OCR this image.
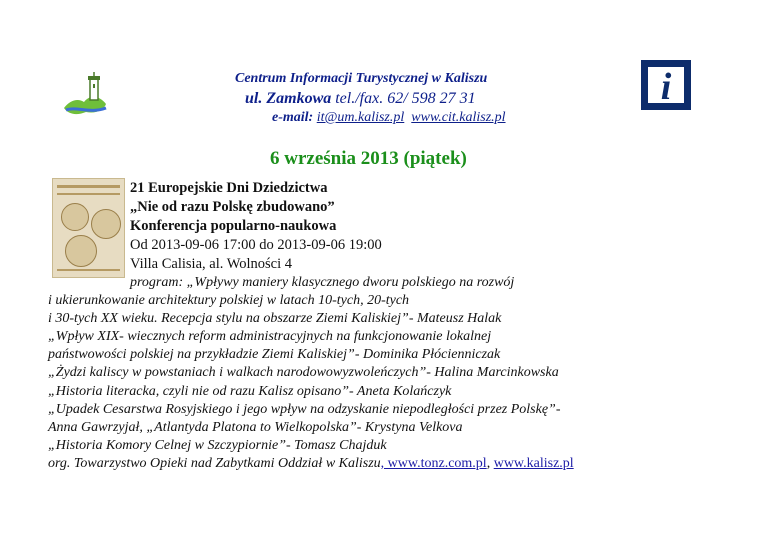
i
Centrum Informacji Turystycznej w Kaliszu
ul. Zamkowa tel./fax. 62/ 598 27 31
e-mail: it@um.kalisz.pl www.cit.kalisz.pl
6 września 2013 (piątek)
21 Europejskie Dni Dziedzictwa
„Nie od razu Polskę zbudowano”
Konferencja popularno-naukowa
Od 2013-09-06 17:00 do 2013-09-06 19:00
Villa Calisia, al. Wolności 4
program: „Wpływy maniery klasycznego dworu polskiego na rozwój
i ukierunkowanie architektury polskiej w latach 10-tych, 20-tych
i 30-tych XX wieku. Recepcja stylu na obszarze Ziemi Kaliskiej”- Mateusz Halak
„Wpływ XIX- wiecznych reform administracyjnych na funkcjonowanie lokalnej
państwowości polskiej na przykładzie Ziemi Kaliskiej”- Dominika Płócienniczak
„Żydzi kaliscy w powstaniach i walkach narodowowyzwoleńczych”- Halina Marcinkowska
„Historia literacka, czyli nie od razu Kalisz opisano”- Aneta Kolańczyk
„Upadek Cesarstwa Rosyjskiego i jego wpływ na odzyskanie niepodległości przez Polskę”-
Anna Gawrzyjał, „Atlantyda Platona to Wielkopolska”- Krystyna Velkova
„Historia Komory Celnej w Szczypiornie”- Tomasz Chajduk
org. Towarzystwo Opieki nad Zabytkami Oddział w Kaliszu, www.tonz.com.pl, www.kalisz.pl
